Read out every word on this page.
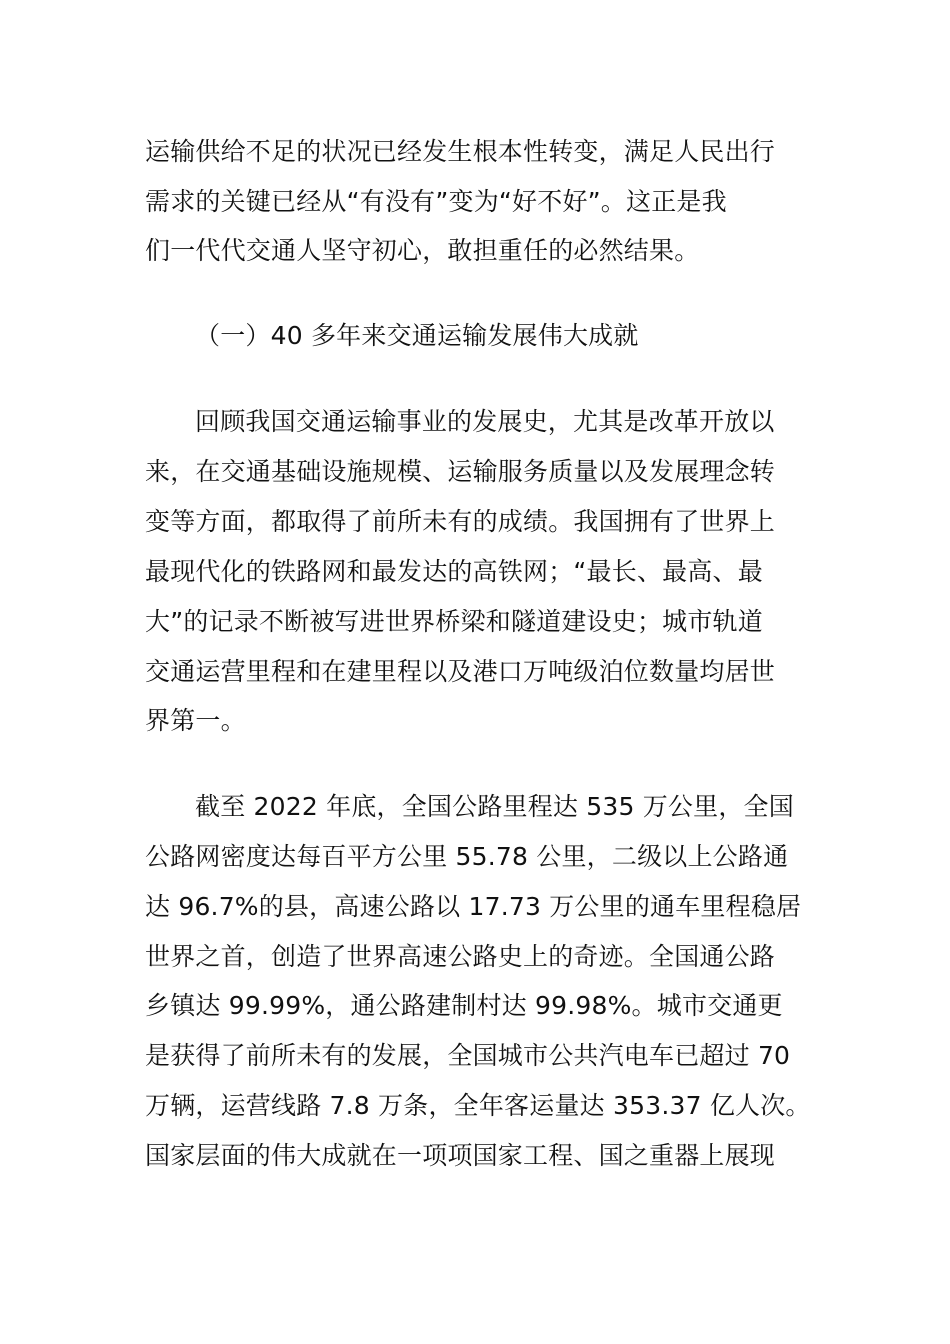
运输供给不足的状况已经发生根本性转变，满足人民出行
需求的关键已经从“有没有”变为“好不好”。这正是我
们一代代交通人坚守初心，敢担重任的必然结果。
（一）40 多年来交通运输发展伟大成就
回顾我国交通运输事业的发展史，尤其是改革开放以
来，在交通基础设施规模、运输服务质量以及发展理念转
变等方面，都取得了前所未有的成绩。我国拥有了世界上
最现代化的铁路网和最发达的高铁网；“最长、最高、最
大”的记录不断被写进世界桥梁和隧道建设史；城市轨道
交通运营里程和在建里程以及港口万吨级泊位数量均居世
界第一。
截至 2022 年底，全国公路里程达 535 万公里，全国
公路网密度达每百平方公里 55.78 公里，二级以上公路通
达 96.7%的县，高速公路以 17.73 万公里的通车里程稳居
世界之首，创造了世界高速公路史上的奇迹。全国通公路
乡镇达 99.99%，通公路建制村达 99.98%。城市交通更
是获得了前所未有的发展，全国城市公共汽电车已超过 70
万辆，运营线路 7.8 万条，全年客运量达 353.37 亿人次。
国家层面的伟大成就在一项项国家工程、国之重器上展现
